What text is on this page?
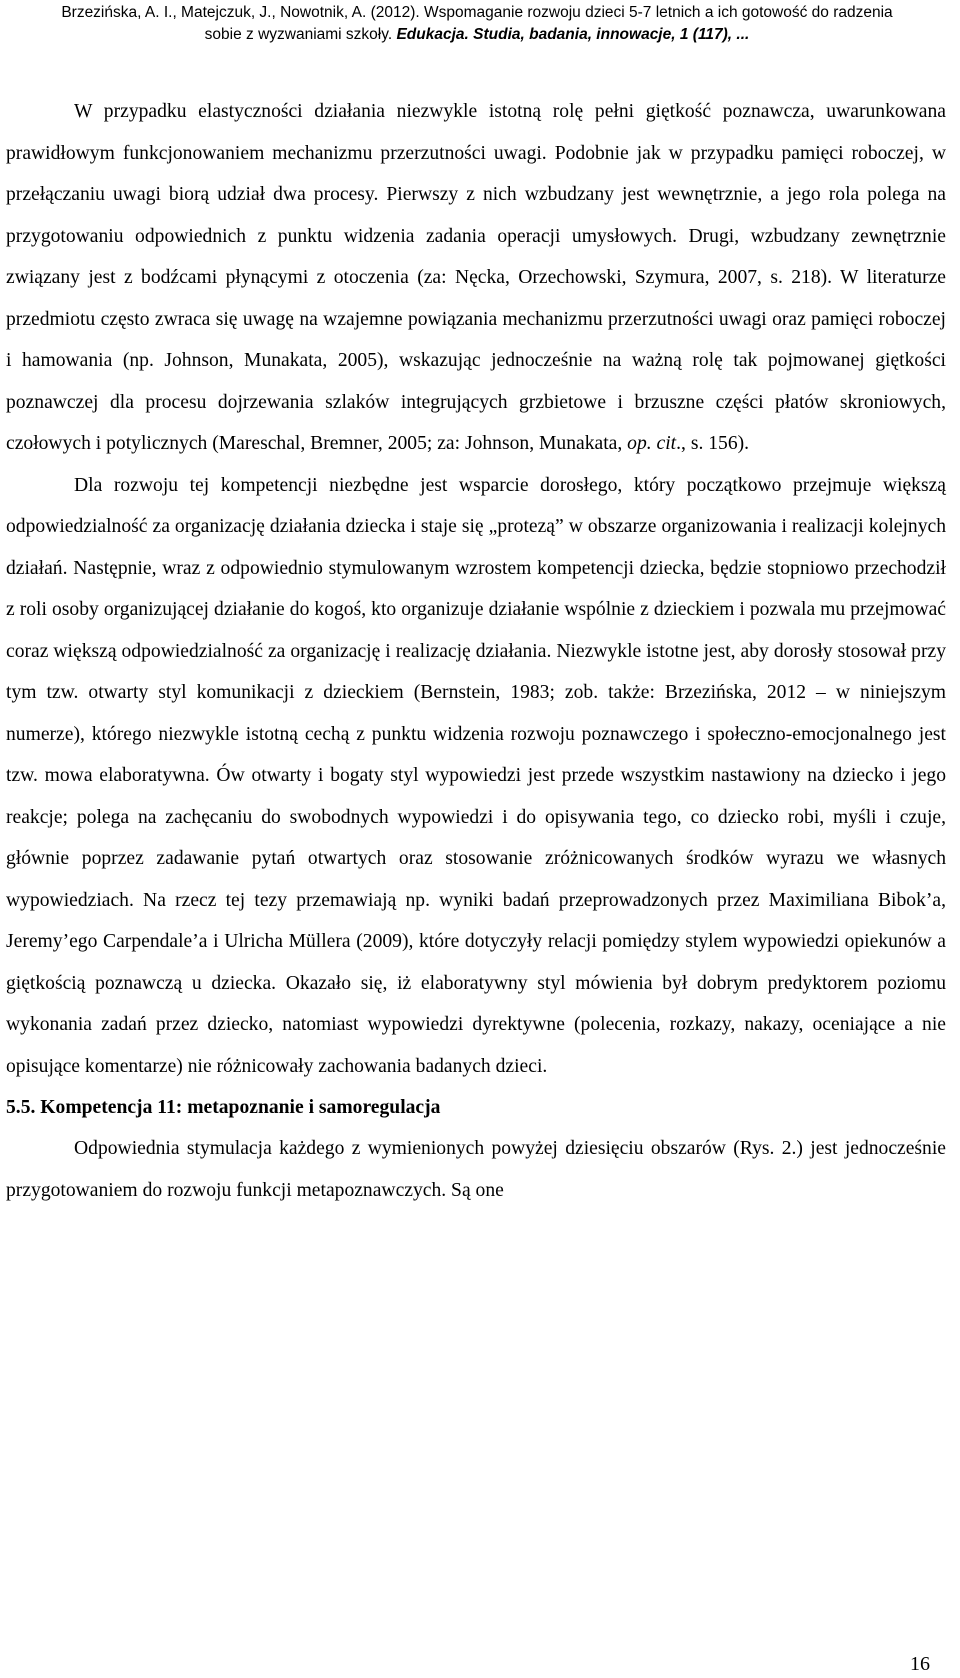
Brzezińska, A. I., Matejczuk, J., Nowotnik, A. (2012). Wspomaganie rozwoju dzieci 5-7 letnich a ich gotowość do radzenia
sobie z wyzwaniami szkoły. Edukacja. Studia, badania, innowacje, 1 (117), ...

W przypadku elastyczności działania niezwykle istotną rolę pełni giętkość poznawcza, uwarunkowana prawidłowym funkcjonowaniem mechanizmu przerzutności uwagi. Podobnie jak w przypadku pamięci roboczej, w przełączaniu uwagi biorą udział dwa procesy. Pierwszy z nich wzbudzany jest wewnętrznie, a jego rola polega na przygotowaniu odpowiednich z punktu widzenia zadania operacji umysłowych. Drugi, wzbudzany zewnętrznie związany jest z bodźcami płynącymi z otoczenia (za: Nęcka, Orzechowski, Szymura, 2007, s. 218). W literaturze przedmiotu często zwraca się uwagę na wzajemne powiązania mechanizmu przerzutności uwagi oraz pamięci roboczej i hamowania (np. Johnson, Munakata, 2005), wskazując jednocześnie na ważną rolę tak pojmowanej giętkości poznawczej dla procesu dojrzewania szlaków integrujących grzbietowe i brzuszne części płatów skroniowych, czołowych i potylicznych (Mareschal, Bremner, 2005; za: Johnson, Munakata, op. cit., s. 156).

Dla rozwoju tej kompetencji niezbędne jest wsparcie dorosłego, który początkowo przejmuje większą odpowiedzialność za organizację działania dziecka i staje się „protezą” w obszarze organizowania i realizacji kolejnych działań. Następnie, wraz z odpowiednio stymulowanym wzrostem kompetencji dziecka, będzie stopniowo przechodził z roli osoby organizującej działanie do kogoś, kto organizuje działanie wspólnie z dzieckiem i pozwala mu przejmować coraz większą odpowiedzialność za organizację i realizację działania. Niezwykle istotne jest, aby dorosły stosował przy tym tzw. otwarty styl komunikacji z dzieckiem (Bernstein, 1983; zob. także: Brzezińska, 2012 – w niniejszym numerze), którego niezwykle istotną cechą z punktu widzenia rozwoju poznawczego i społeczno-emocjonalnego jest tzw. mowa elaboratywna. Ów otwarty i bogaty styl wypowiedzi jest przede wszystkim nastawiony na dziecko i jego reakcje; polega na zachęcaniu do swobodnych wypowiedzi i do opisywania tego, co dziecko robi, myśli i czuje, głównie poprzez zadawanie pytań otwartych oraz stosowanie zróżnicowanych środków wyrazu we własnych wypowiedziach. Na rzecz tej tezy przemawiają np. wyniki badań przeprowadzonych przez Maximiliana Bibok’a, Jeremy’ego Carpendale’a i Ulricha Müllera (2009), które dotyczyły relacji pomiędzy stylem wypowiedzi opiekunów a giętkością poznawczą u dziecka. Okazało się, iż elaboratywny styl mówienia był dobrym predyktorem poziomu wykonania zadań przez dziecko, natomiast wypowiedzi dyrektywne (polecenia, rozkazy, nakazy, oceniające a nie opisujące komentarze) nie różnicowały zachowania badanych dzieci.

5.5. Kompetencja 11: metapoznanie i samoregulacja

Odpowiednia stymulacja każdego z wymienionych powyżej dziesięciu obszarów (Rys. 2.) jest jednocześnie przygotowaniem do rozwoju funkcji metapoznawczych. Są one

16
